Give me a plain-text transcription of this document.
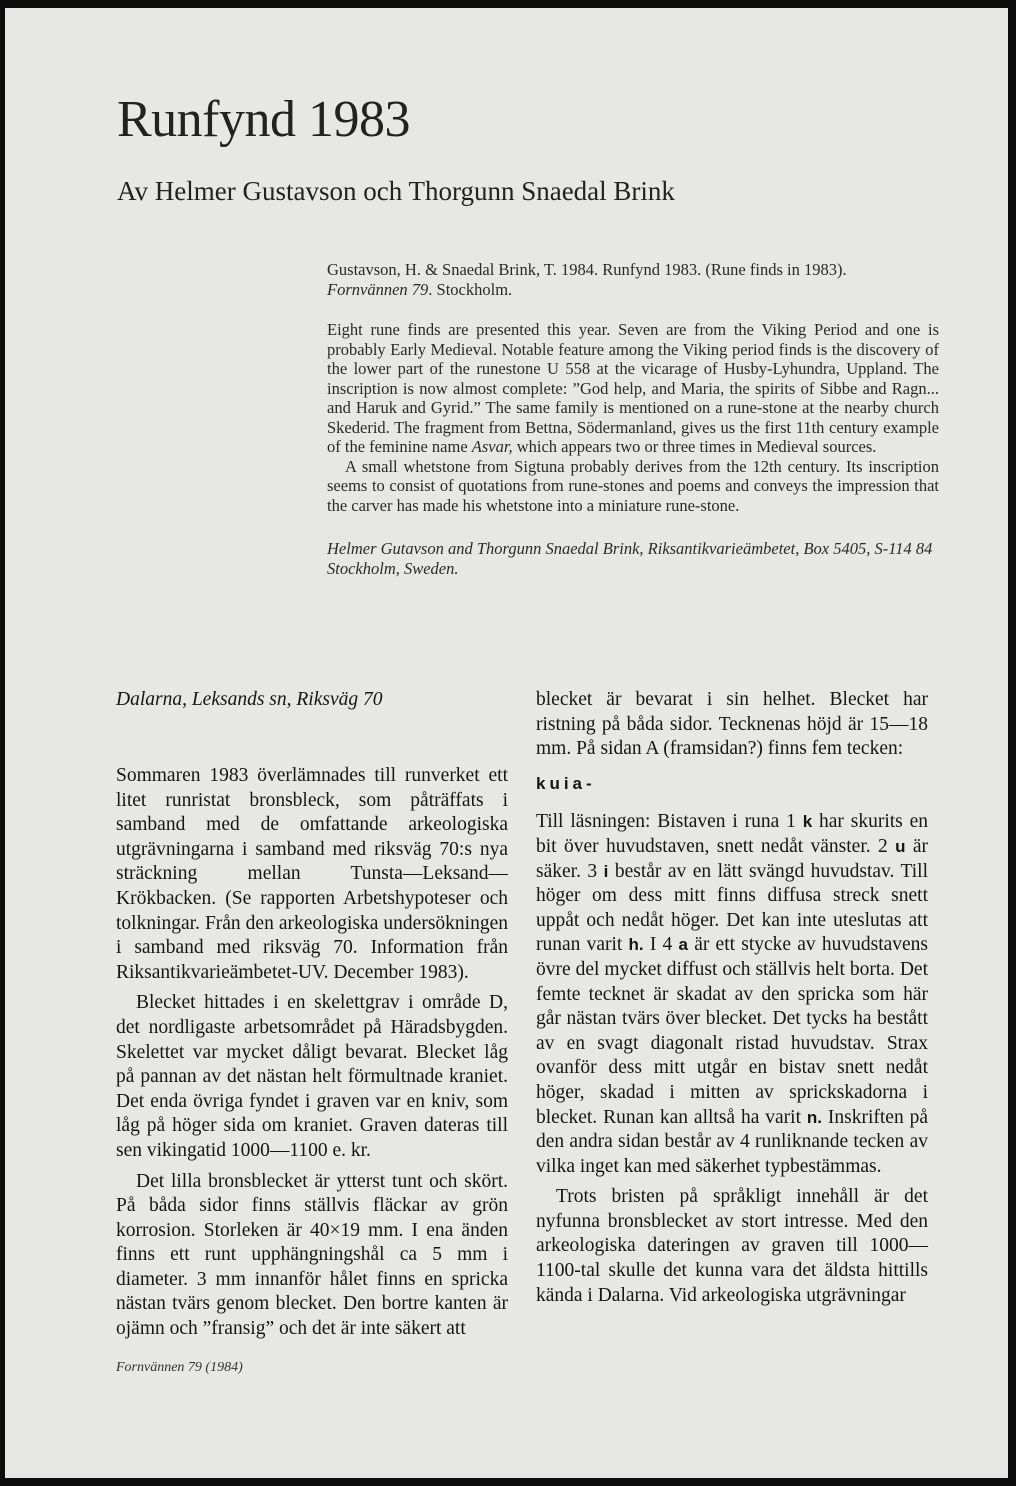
Runfynd 1983
Av Helmer Gustavson och Thorgunn Snaedal Brink

Gustavson, H. & Snaedal Brink, T. 1984. Runfynd 1983. (Rune finds in 1983).
Fornvännen 79. Stockholm.

Eight rune finds are presented this year. Seven are from the Viking Period and one is probably Early Medieval. Notable feature among the Viking period finds is the discovery of the lower part of the runestone U 558 at the vicarage of Husby-Lyhundra, Uppland. The inscription is now almost complete: ”God help, and Maria, the spirits of Sibbe and Ragn... and Haruk and Gyrid.” The same family is mentioned on a rune-stone at the nearby church Skederid. The fragment from Bettna, Södermanland, gives us the first 11th century example of the feminine name Asvar, which appears two or three times in Medieval sources.

A small whetstone from Sigtuna probably derives from the 12th century. Its inscription seems to consist of quotations from rune-stones and poems and conveys the impression that the carver has made his whetstone into a miniature rune-stone.

Helmer Gutavson and Thorgunn Snaedal Brink, Riksantikvarieämbetet, Box 5405, S-114 84 Stockholm, Sweden.

Dalarna, Leksands sn, Riksväg 70

Sommaren 1983 överlämnades till runverket ett litet runristat bronsbleck, som påträffats i samband med de omfattande arkeologiska utgrävningarna i samband med riksväg 70:s nya sträckning mellan Tunsta—Leksand—Krökbacken. (Se rapporten Arbetshypoteser och tolkningar. Från den arkeologiska undersökningen i samband med riksväg 70. Information från Riksantikvarieämbetet-UV. December 1983).

Blecket hittades i en skelettgrav i område D, det nordligaste arbetsområdet på Häradsbygden. Skelettet var mycket dåligt bevarat. Blecket låg på pannan av det nästan helt förmultnade kraniet. Det enda övriga fyndet i graven var en kniv, som låg på höger sida om kraniet. Graven dateras till sen vikingatid 1000—1100 e. kr.

Det lilla bronsblecket är ytterst tunt och skört. På båda sidor finns ställvis fläckar av grön korrosion. Storleken är 40×19 mm. I ena änden finns ett runt upphängningshål ca 5 mm i diameter. 3 mm innanför hålet finns en spricka nästan tvärs genom blecket. Den bortre kanten är ojämn och ”fransig” och det är inte säkert att

blecket är bevarat i sin helhet. Blecket har ristning på båda sidor. Tecknenas höjd är 15—18 mm. På sidan A (framsidan?) finns fem tecken:

kuia-

Till läsningen: Bistaven i runa 1 k har skurits en bit över huvudstaven, snett nedåt vänster. 2 u är säker. 3 i består av en lätt svängd huvudstav. Till höger om dess mitt finns diffusa streck snett uppåt och nedåt höger. Det kan inte uteslutas att runan varit h. I 4 a är ett stycke av huvudstavens övre del mycket diffust och ställvis helt borta. Det femte tecknet är skadat av den spricka som här går nästan tvärs över blecket. Det tycks ha bestått av en svagt diagonalt ristad huvudstav. Strax ovanför dess mitt utgår en bistav snett nedåt höger, skadad i mitten av sprickskadorna i blecket. Runan kan alltså ha varit n. Inskriften på den andra sidan består av 4 runliknande tecken av vilka inget kan med säkerhet typbestämmas.

Trots bristen på språkligt innehåll är det nyfunna bronsblecket av stort intresse. Med den arkeologiska dateringen av graven till 1000—1100-tal skulle det kunna vara det äldsta hittills kända i Dalarna. Vid arkeologiska utgrävningar

Fornvännen 79 (1984)
